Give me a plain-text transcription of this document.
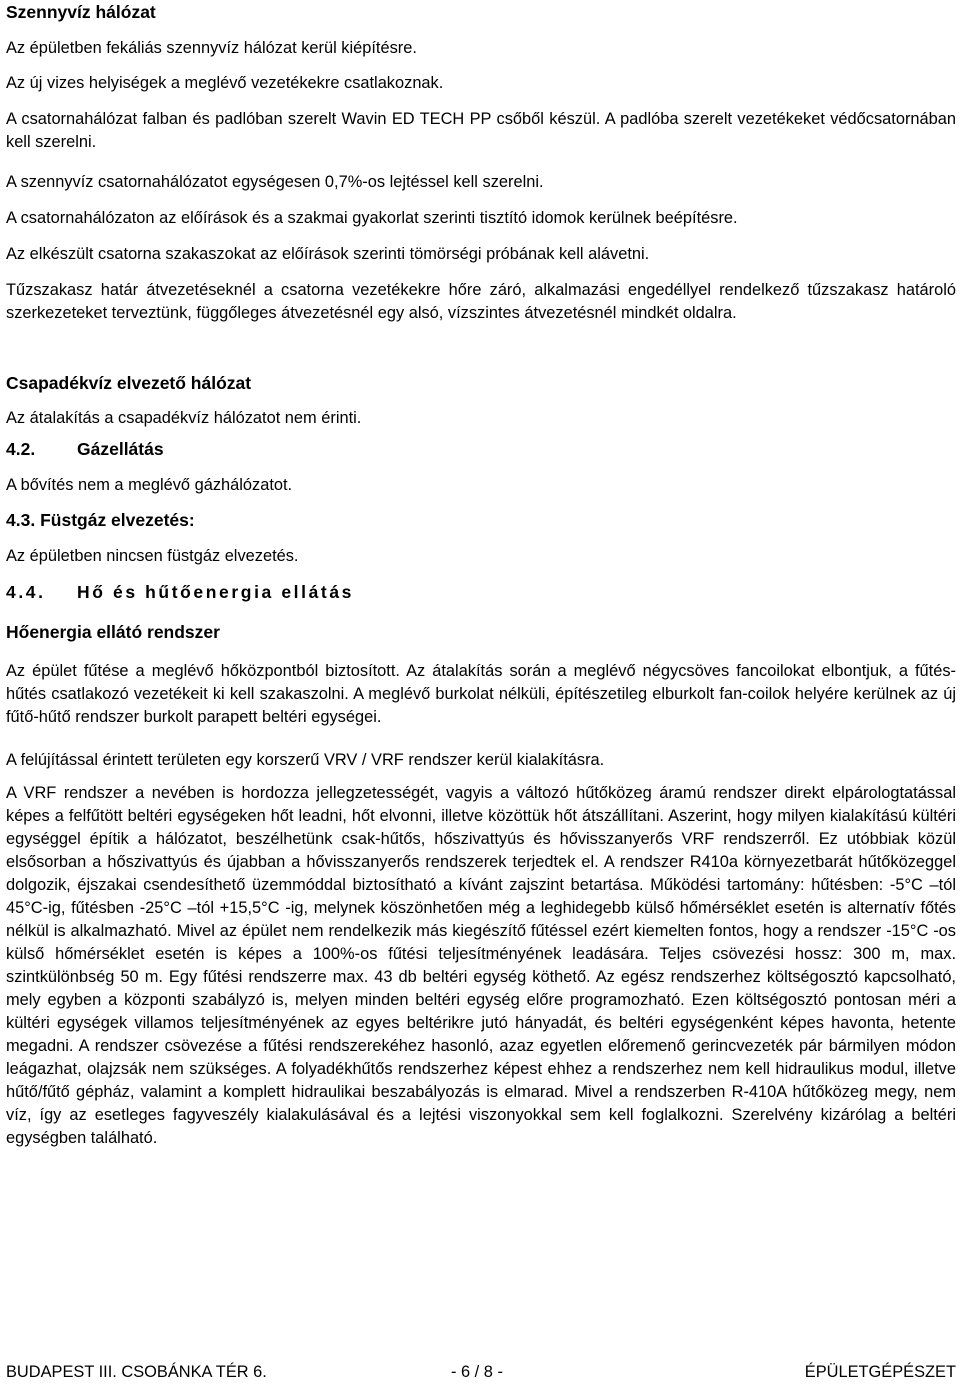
Szennyvíz hálózat
Az épületben fekáliás szennyvíz hálózat kerül kiépítésre.
Az új vizes helyiségek a meglévő vezetékekre csatlakoznak.
A csatornahálózat falban és padlóban szerelt Wavin ED TECH PP csőből készül. A padlóba szerelt vezetékeket védőcsatornában kell szerelni.
A szennyvíz csatornahálózatot egységesen 0,7%-os lejtéssel kell szerelni.
A csatornahálózaton az előírások és a szakmai gyakorlat szerinti tisztító idomok kerülnek beépítésre.
Az elkészült csatorna szakaszokat az előírások szerinti tömörségi próbának kell alávetni.
Tűzszakasz határ átvezetéseknél a csatorna vezetékekre hőre záró, alkalmazási engedéllyel rendelkező tűzszakasz határoló szerkezeteket terveztünk, függőleges átvezetésnél egy alsó, vízszintes átvezetésnél mindkét oldalra.
Csapadékvíz elvezető hálózat
Az átalakítás a csapadékvíz hálózatot nem érinti.
4.2. Gázellátás
A bővítés nem a meglévő gázhálózatot.
4.3. Füstgáz elvezetés:
Az épületben nincsen füstgáz elvezetés.
4.4. Hő és hűtőenergia ellátás
Hőenergia ellátó rendszer
Az épület fűtése a meglévő hőközpontból biztosított. Az átalakítás során a meglévő négycsöves fancoilokat elbontjuk, a fűtés-hűtés csatlakozó vezetékeit ki kell szakaszolni. A meglévő burkolat nélküli, építészetileg elburkolt fan-coilok helyére kerülnek az új fűtő-hűtő rendszer burkolt parapett beltéri egységei.
A felújítással érintett területen egy korszerű VRV / VRF rendszer kerül kialakításra.
A VRF rendszer a nevében is hordozza jellegzetességét, vagyis a változó hűtőközeg áramú rendszer direkt elpárologtatással képes a felfűtött beltéri egységeken hőt leadni, hőt elvonni, illetve közöttük hőt átszállítani. Aszerint, hogy milyen kialakítású kültéri egységgel építik a hálózatot, beszélhetünk csak-hűtős, hőszivattyús és hővisszanyerős VRF rendszerről. Ez utóbbiak közül elsősorban a hőszivattyús és újabban a hővisszanyerős rendszerek terjedtek el. A rendszer R410a környezetbarát hűtőközeggel dolgozik, éjszakai csendesíthető üzemmóddal biztosítható a kívánt zajszint betartása. Működési tartomány: hűtésben: -5°C –tól 45°C-ig, fűtésben -25°C –tól +15,5°C -ig, melynek köszönhetően még a leghidegebb külső hőmérséklet esetén is alternatív főtés nélkül is alkalmazható. Mivel az épület nem rendelkezik más kiegészítő fűtéssel ezért kiemelten fontos, hogy a rendszer -15°C -os külső hőmérséklet esetén is képes a 100%-os fűtési teljesítményének leadására. Teljes csövezési hossz: 300 m, max. szintkülönbség 50 m. Egy fűtési rendszerre max. 43 db beltéri egység köthető. Az egész rendszerhez költségosztó kapcsolható, mely egyben a központi szabályzó is, melyen minden beltéri egység előre programozható. Ezen költségosztó pontosan méri a kültéri egységek villamos teljesítményének az egyes beltérikre jutó hányadát, és beltéri egységenként képes havonta, hetente megadni. A rendszer csövezése a fűtési rendszerekéhez hasonló, azaz egyetlen előremenő gerincvezeték pár bármilyen módon leágazhat, olajzsák nem szükséges. A folyadékhűtős rendszerhez képest ehhez a rendszerhez nem kell hidraulikus modul, illetve hűtő/fűtő gépház, valamint a komplett hidraulikai beszabályozás is elmarad. Mivel a rendszerben R-410A hűtőközeg megy, nem víz, így az esetleges fagyveszély kialakulásával és a lejtési viszonyokkal sem kell foglalkozni. Szerelvény kizárólag a beltéri egységben található.
BUDAPEST III. CSOBÁNKA TÉR 6.	- 6 / 8 -	ÉPÜLETGÉPÉSZET
